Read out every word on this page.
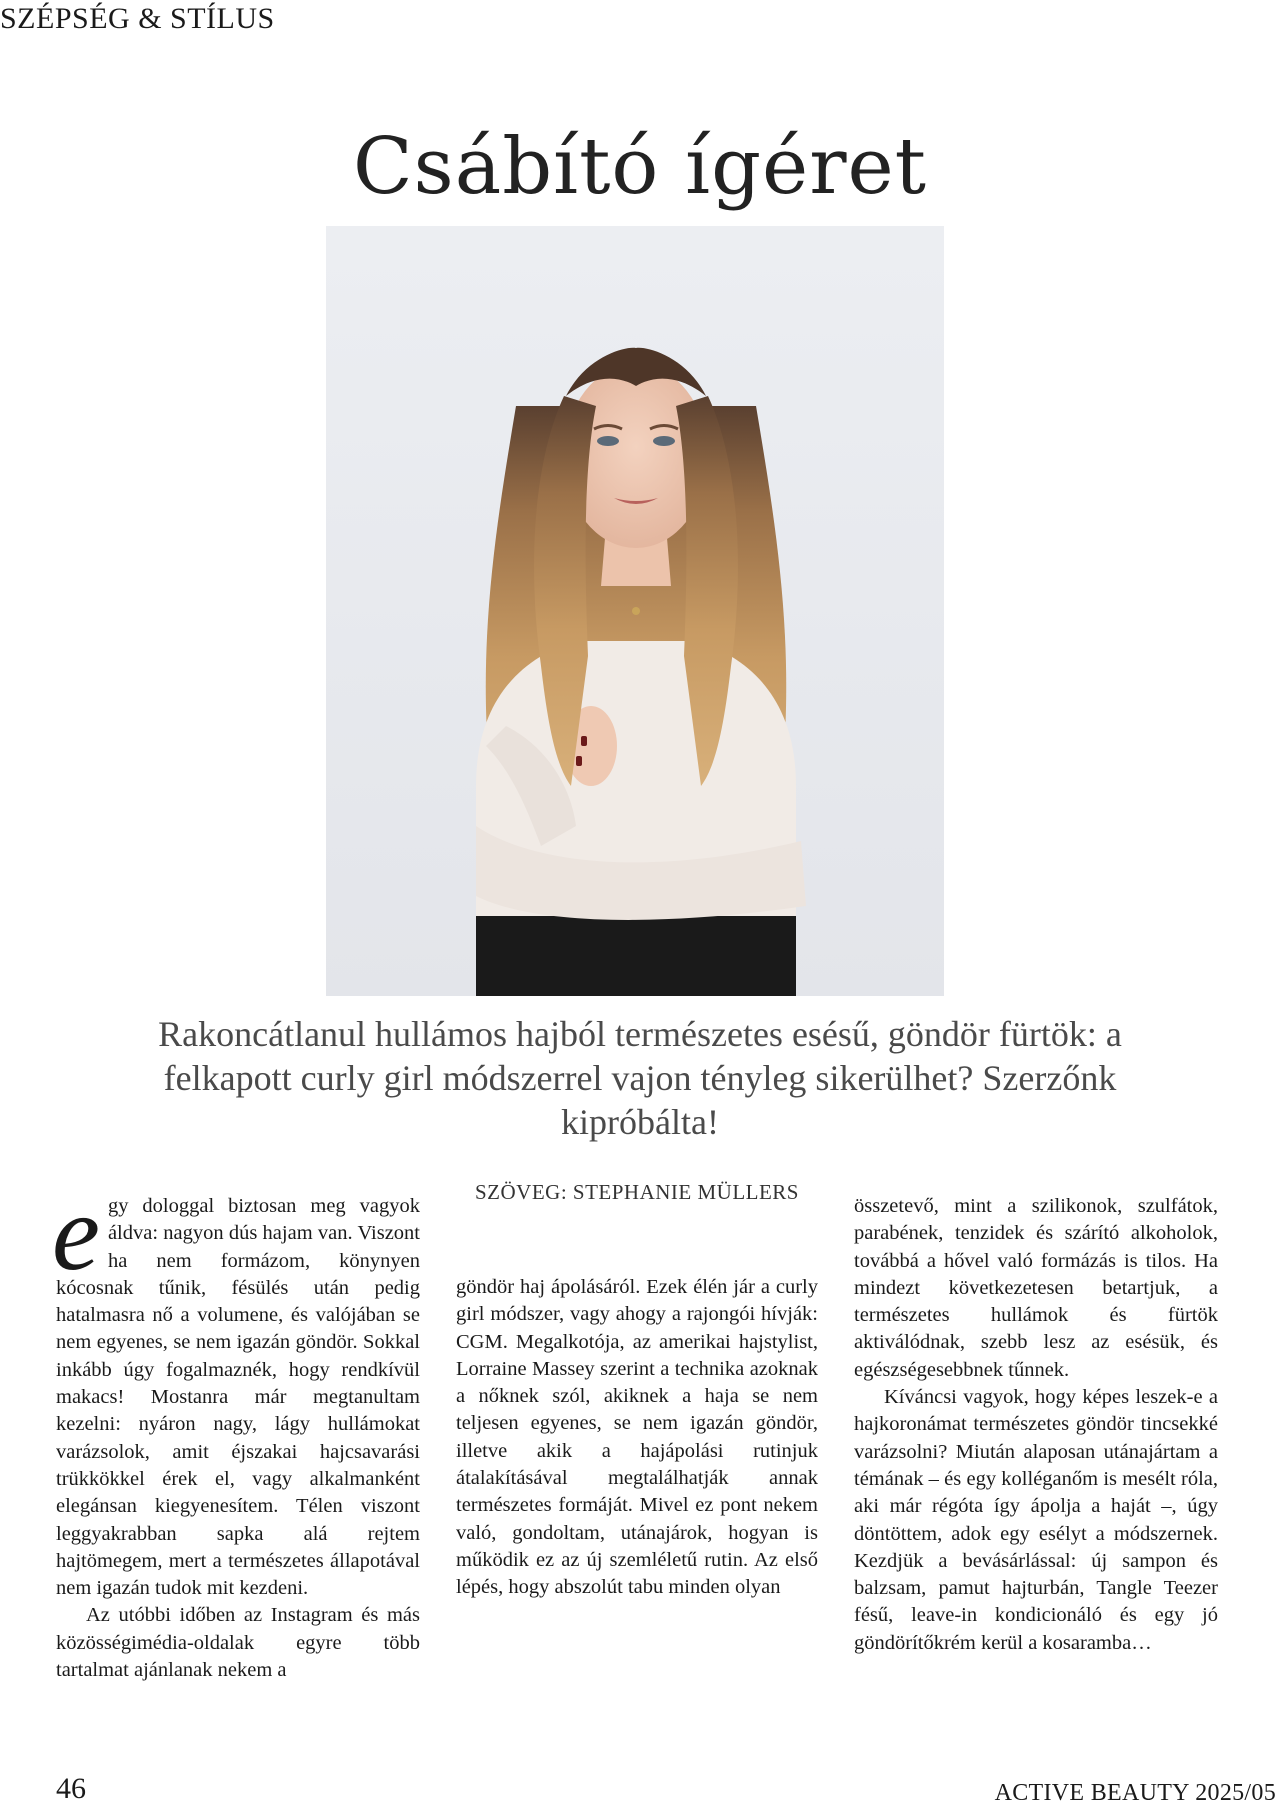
SZÉPSÉG & STÍLUS
Csábító ígéret
Rakoncátlanul hullámos hajból természetes esésű, göndör fürtök: a felkapott curly girl módszerrel vajon tényleg sikerülhet? Szerzőnk kipróbálta!
e gy dologgal biztosan meg vagyok áldva: nagyon dús hajam van. Viszont ha nem formázom, könynyen kócosnak tűnik, fésülés után pedig hatalmasra nő a volumene, és valójában se nem egyenes, se nem igazán göndör. Sokkal inkább úgy fogalmaznék, hogy rendkívül makacs! Mostanra már megtanultam kezelni: nyáron nagy, lágy hullámokat varázsolok, amit éjszakai hajcsavarási trükkökkel érek el, vagy alkalmanként elegánsan kiegyenesítem. Télen viszont leggyakrabban sapka alá rejtem hajtömegem, mert a természetes állapotával nem igazán tudok mit kezdeni.

Az utóbbi időben az Instagram és más közösségimédia-oldalak egyre több tartalmat ajánlanak nekem a

SZÖVEG: STEPHANIE MÜLLERS

göndör haj ápolásáról. Ezek élén jár a curly girl módszer, vagy ahogy a rajongói hívják: CGM. Megalkotója, az amerikai hajstylist, Lorraine Massey szerint a technika azoknak a nőknek szól, akiknek a haja se nem teljesen egyenes, se nem igazán göndör, illetve akik a hajápolási rutinjuk átalakításával megtalálhatják annak természetes formáját. Mivel ez pont nekem való, gondoltam, utánajárok, hogyan is működik ez az új szemléletű rutin. Az első lépés, hogy abszolút tabu minden olyan

összetevő, mint a szilikonok, szulfátok, parabének, tenzidek és szárító alkoholok, továbbá a hővel való formázás is tilos. Ha mindezt következetesen betartjuk, a természetes hullámok és fürtök aktiválódnak, szebb lesz az esésük, és egészségesebbnek tűnnek.

Kíváncsi vagyok, hogy képes leszek-e a hajkoronámat természetes göndör tincsekké varázsolni? Miután alaposan utánajártam a témának – és egy kolléganőm is mesélt róla, aki már régóta így ápolja a haját –, úgy döntöttem, adok egy esélyt a módszernek. Kezdjük a bevásárlással: új sampon és balzsam, pamut hajturbán, Tangle Teezer fésű, leave-in kondicionáló és egy jó göndörítőkrém kerül a kosaramba…

46	ACTIVE BEAUTY 2025/05
